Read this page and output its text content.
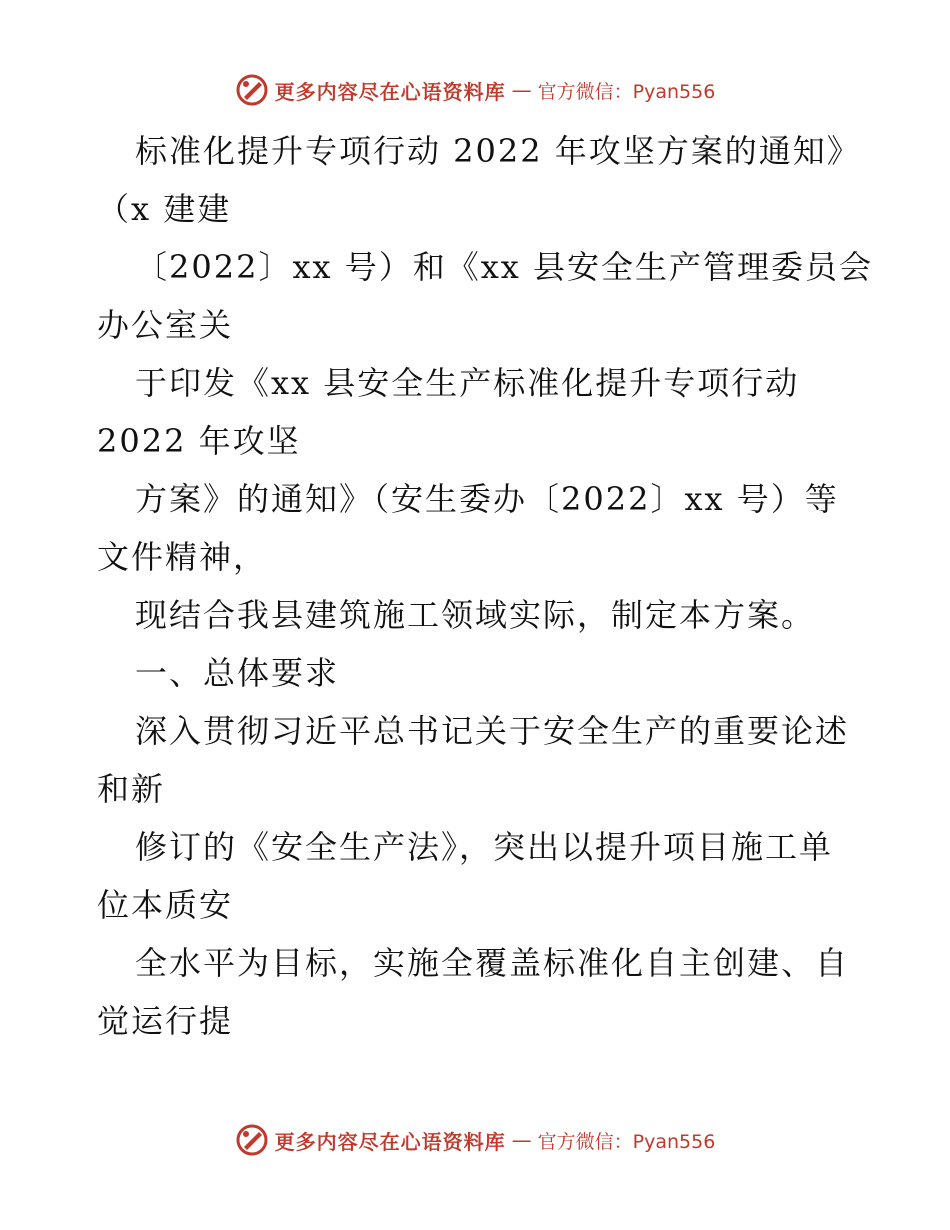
更多内容尽在心语资料库 — 官方微信：Pyan556
标准化提升专项行动 2022 年攻坚方案的通知》
（x 建建
〔2022〕xx 号）和《xx 县安全生产管理委员会
办公室关
于印发《xx 县安全生产标准化提升专项行动
2022 年攻坚
方案》的通知》（安生委办〔2022〕xx 号）等
文件精神，
现结合我县建筑施工领域实际，制定本方案。
一、总体要求
深入贯彻习近平总书记关于安全生产的重要论述
和新
修订的《安全生产法》，突出以提升项目施工单
位本质安
全水平为目标，实施全覆盖标准化自主创建、自
觉运行提
更多内容尽在心语资料库 — 官方微信：Pyan556
